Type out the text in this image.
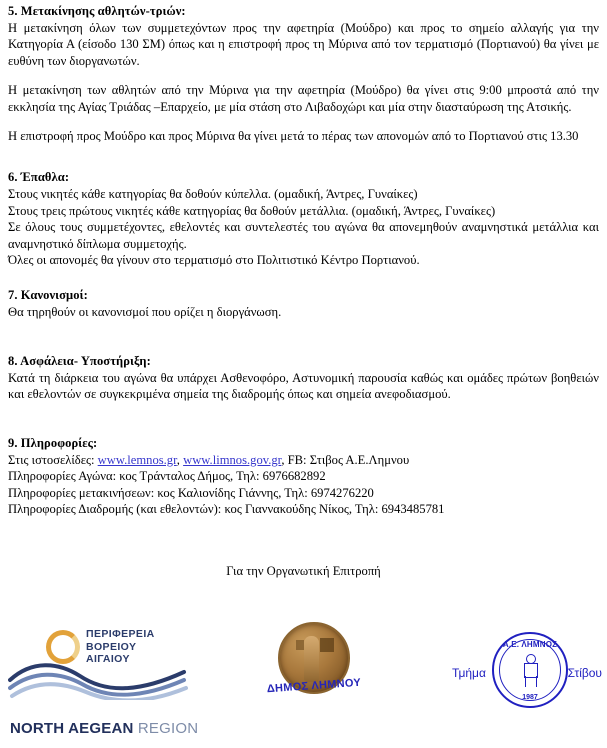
5. Μετακίνησης αθλητών-τριών:

Η μετακίνηση όλων των συμμετεχόντων προς την αφετηρία (Μούδρο) και προς το σημείο αλλαγής για την Κατηγορία Α (είσοδο 130 ΣΜ) όπως και η επιστροφή προς τη Μύρινα από τον τερματισμό (Πορτιανού) θα γίνει με ευθύνη των διοργανωτών.

Η μετακίνηση των αθλητών από την Μύρινα για την αφετηρία (Μούδρο) θα γίνει στις 9:00 μπροστά από την εκκλησία της Αγίας Τριάδας –Επαρχείο, με μία στάση στο Λιβαδοχώρι και μία στην διασταύρωση της Ατσικής.

Η επιστροφή προς Μούδρο και προς Μύρινα θα γίνει μετά το πέρας των απονομών από το Πορτιανού στις 13.30

6. Έπαθλα:

Στους νικητές κάθε κατηγορίας θα δοθούν κύπελλα. (ομαδική, Άντρες, Γυναίκες)

Στους τρεις πρώτους νικητές κάθε κατηγορίας θα δοθούν μετάλλια. (ομαδική, Άντρες, Γυναίκες)

Σε όλους τους συμμετέχοντες, εθελοντές και συντελεστές του αγώνα θα απονεμηθούν αναμνηστικά μετάλλια και αναμνηστικό δίπλωμα συμμετοχής.

Όλες οι απονομές θα γίνουν στο τερματισμό στο Πολιτιστικό Κέντρο Πορτιανού.

7. Κανονισμοί:

Θα τηρηθούν οι κανονισμοί που ορίζει η διοργάνωση.

8. Ασφάλεια- Υποστήριξη:

Κατά τη διάρκεια του αγώνα θα υπάρχει Ασθενοφόρο, Αστυνομική παρουσία καθώς και ομάδες πρώτων βοηθειών και εθελοντών σε συγκεκριμένα σημεία της διαδρομής όπως και σημεία ανεφοδιασμού.

9. Πληροφορίες:

Στις ιστοσελίδες: www.lemnos.gr, www.limnos.gov.gr, FB: Στιβος Α.Ε.Λημνου

Πληροφορίες Αγώνα: κος Τράνταλος Δήμος, Τηλ: 6976682892

Πληροφορίες μετακινήσεων: κος Καλιονίδης Γιάννης, Τηλ: 6974276220

Πληροφορίες Διαδρομής (και εθελοντών): κος Γιαννακούδης Νίκος, Τηλ: 6943485781

Για την Οργανωτική Επιτροπή

ΠΕΡΙΦΕΡΕΙΑ
ΒΟΡΕΙΟΥ
ΑΙΓΑΙΟΥ
NORTH AEGEAN REGION
ΔΗΜΟΣ ΛΗΜΝΟΥ
Τμήμα
Α.Ε. ΛΗΜΝΟΣ
1987
Στίβου
